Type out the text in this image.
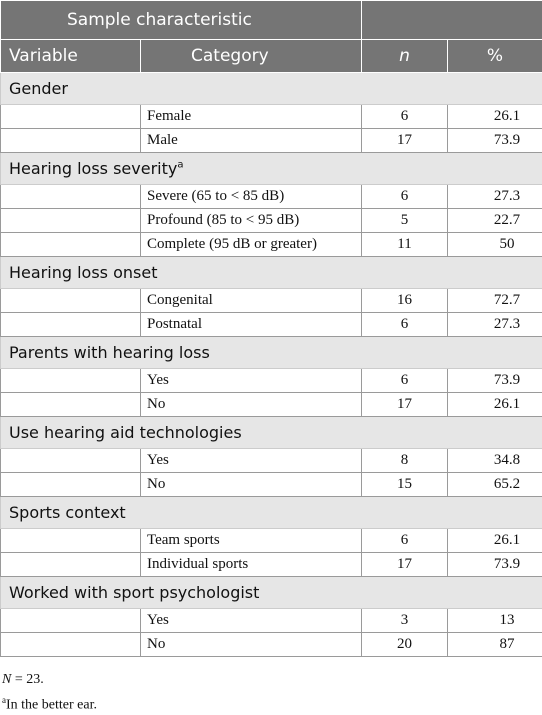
Sample characteristic			
Variable	Category	n	%
Gender			
	Female	6	26.1
	Male	17	73.9
Hearing loss severity$^a$
	Severe (65 to < 85 dB)	6	27.3
	Profound (85 to < 95 dB)	5	22.7
	Complete (95 dB or greater)	11	50
Hearing loss onset			
	Congenital	16	72.7
	Postnatal	6	27.3
Parents with hearing loss			
	Yes	6	73.9
	No	17	26.1
Use hearing aid technologies			
	Yes	8	34.8
	No	15	65.2
Sports context			
	Team sports	6	26.1
	Individual sports	17	73.9
Worked with sport psychologist			
	Yes	3	13
	No	20	87
N = 23.
$^a$In the better ear.
